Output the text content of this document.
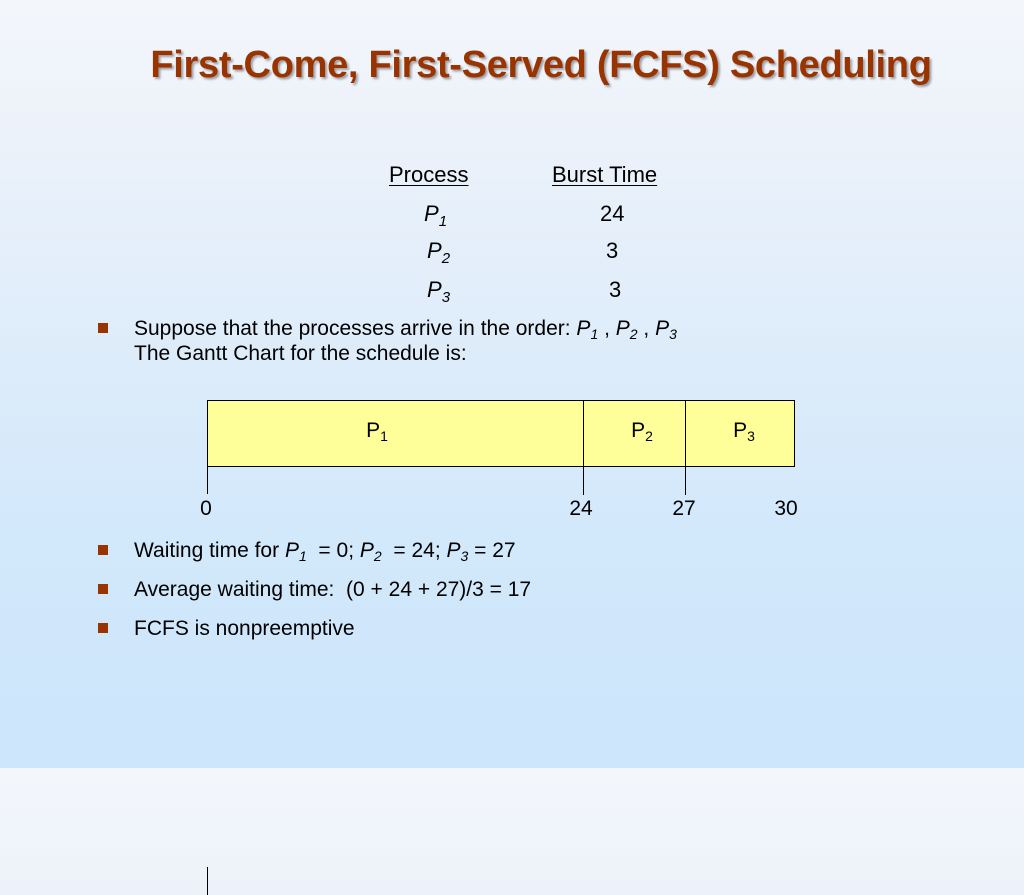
First-Come, First-Served (FCFS) Scheduling
Process	Burst Time
$P_1$	24
$P_2$	3
$P_3$	3
Suppose that the processes arrive in the order: $P_1$ , $P_2$ , $P_3$
The Gantt Chart for the schedule is:
$P_1$	$P_2$	$P_3$
0	24	27	30
Waiting time for $P_1 = 0$; $P_2 = 24$; $P_3 = 27$
Average waiting time:  (0 + 24 + 27)/3 = 17
FCFS is nonpreemptive
